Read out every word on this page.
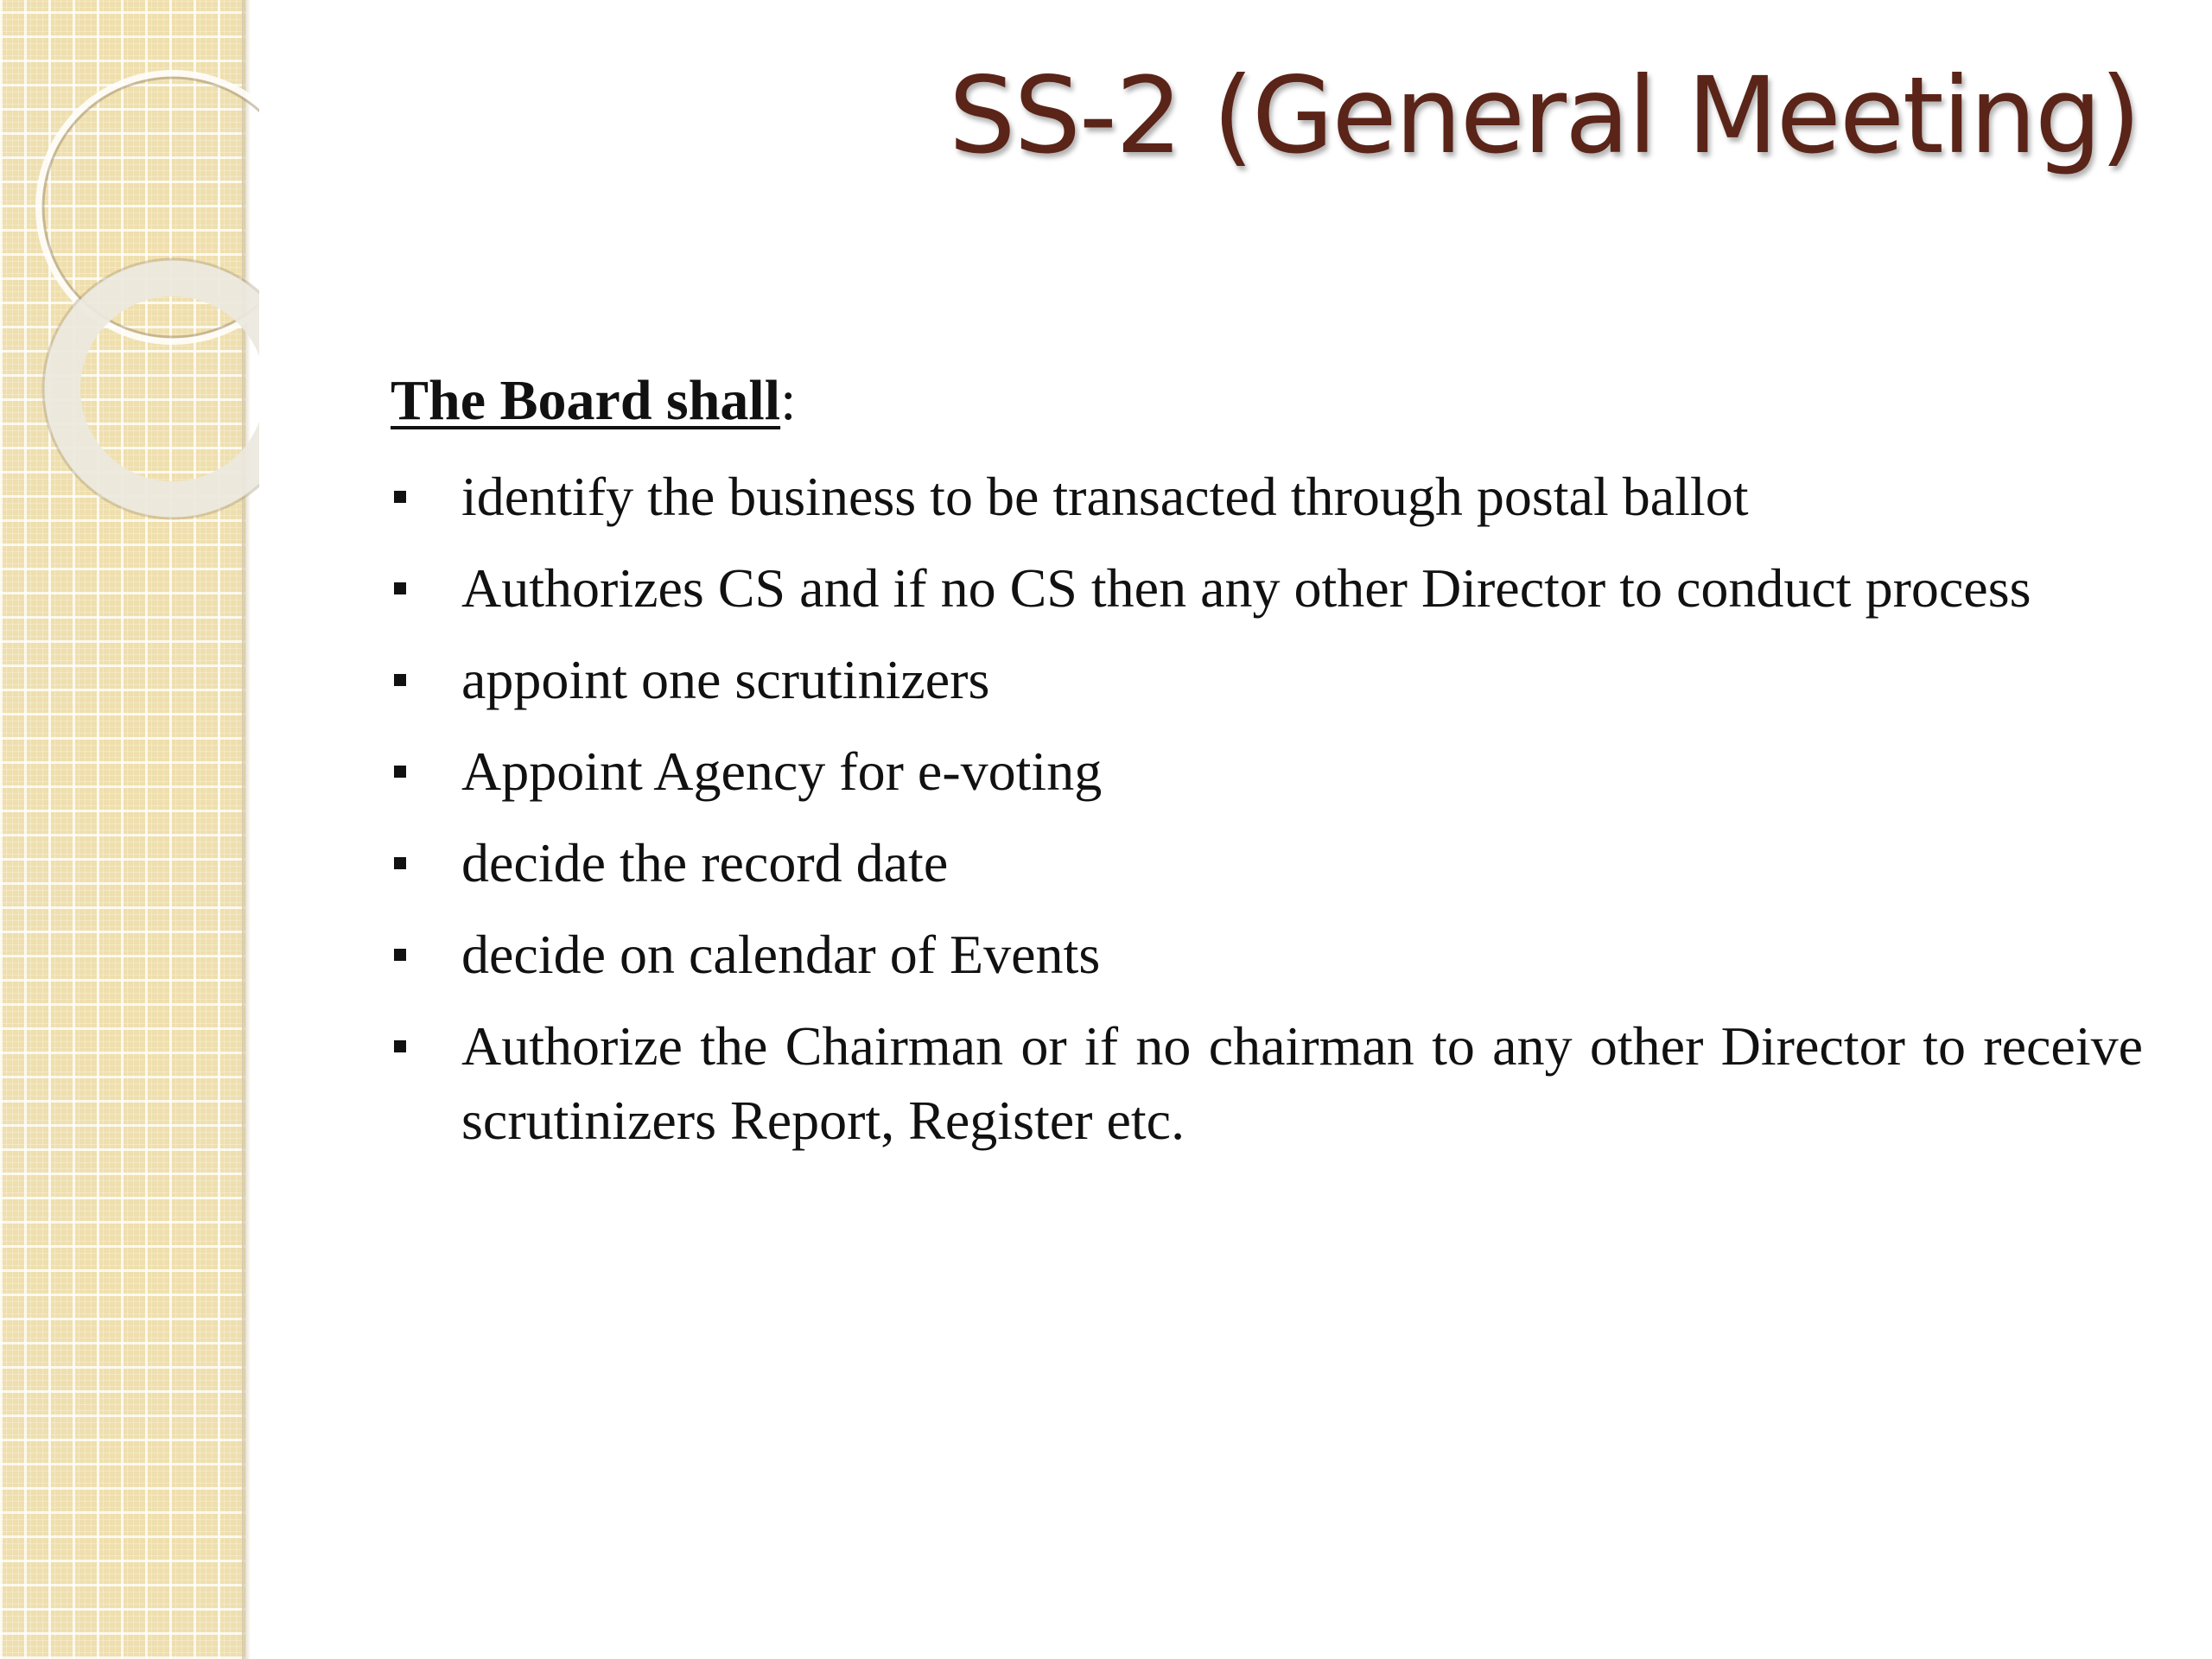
SS-2 (General Meeting)

The Board shall:

identify the business to be transacted through postal ballot
Authorizes CS and if no CS then any other Director to conduct process
appoint one scrutinizers
Appoint Agency for e-voting
decide the record date
decide on calendar of Events
Authorize the Chairman or if no chairman to any other Director to receive scrutinizers Report, Register etc.
